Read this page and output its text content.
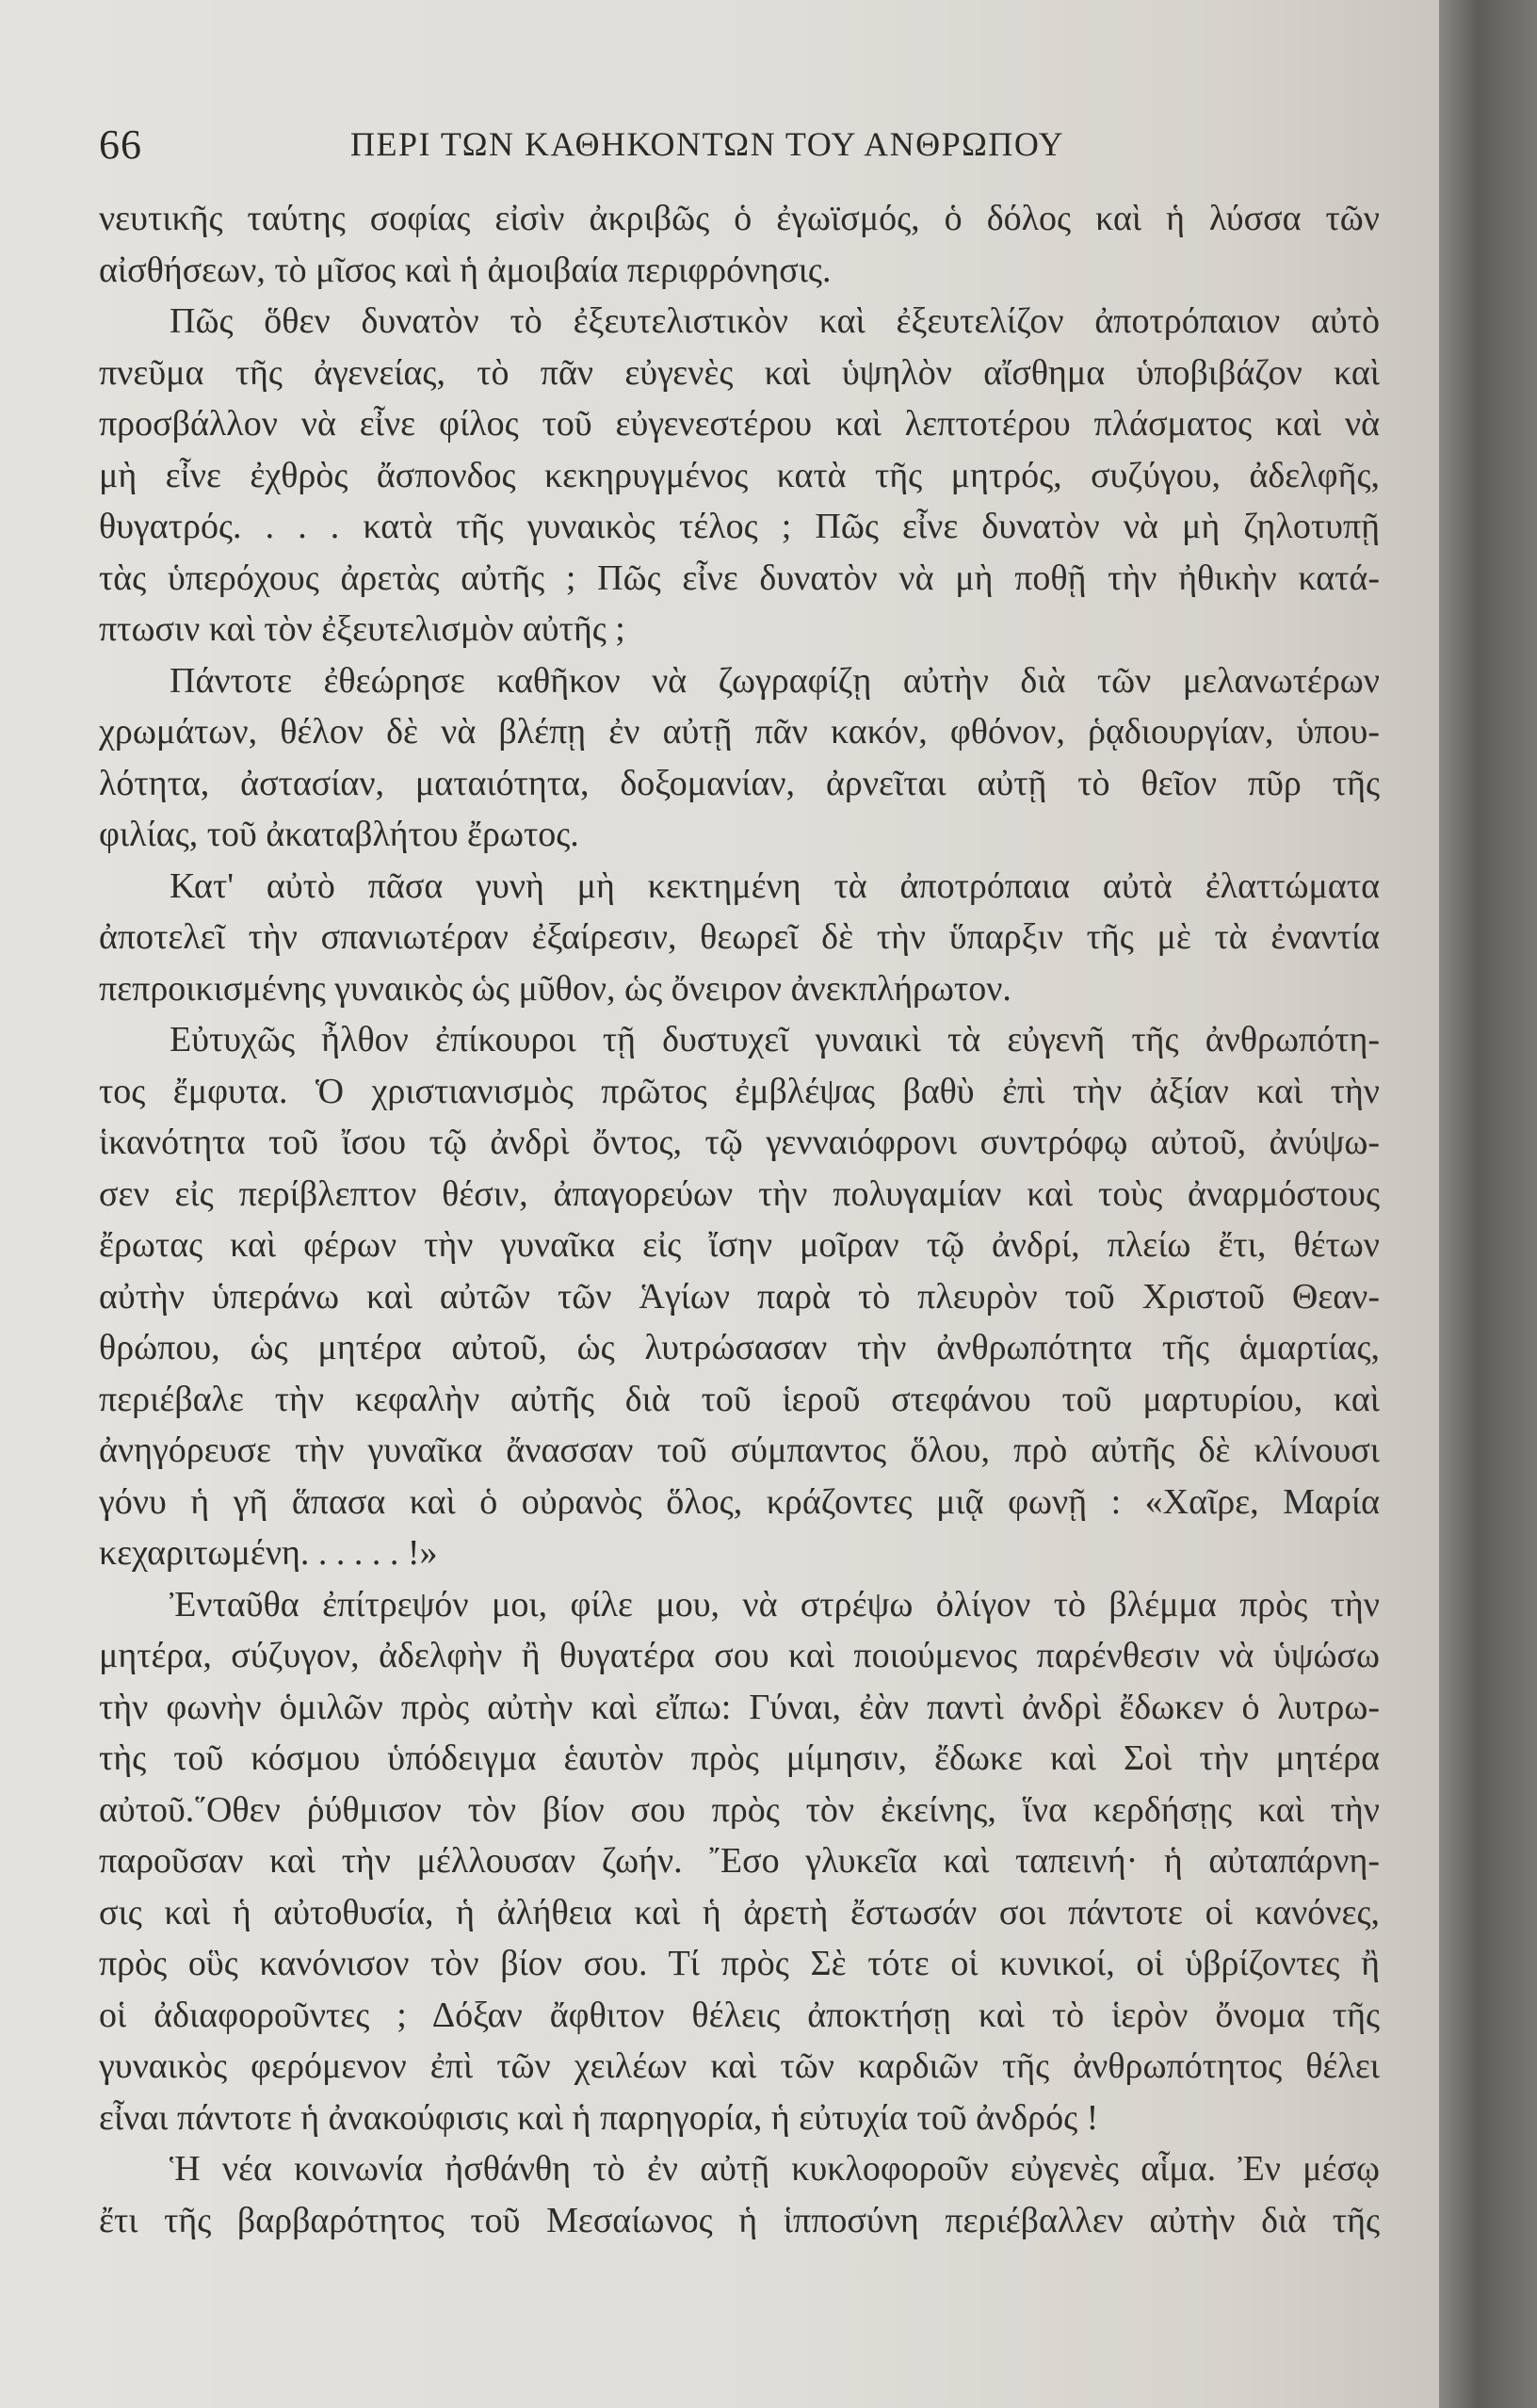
66	ΠΕΡΙ ΤΩΝ ΚΑΘΗΚΟΝΤΩΝ ΤΟΥ ΑΝΘΡΩΠΟΥ
νευτικῆς ταύτης σοφίας εἰσὶν ἀκριβῶς ὁ ἐγωϊσμός, ὁ δόλος καὶ ἡ λύσσα τῶν
αἰσθήσεων, τὸ μῖσος καὶ ἡ ἀμοιβαία περιφρόνησις.
Πῶς ὅθεν δυνατὸν τὸ ἐξευτελιστικὸν καὶ ἐξευτελίζον ἀποτρόπαιον αὐτὸ
πνεῦμα τῆς ἀγενείας, τὸ πᾶν εὐγενὲς καὶ ὑψηλὸν αἴσθημα ὑποβιβάζον καὶ
προσβάλλον νὰ εἶνε φίλος τοῦ εὐγενεστέρου καὶ λεπτοτέρου πλάσματος καὶ νὰ
μὴ εἶνε ἐχθρὸς ἄσπονδος κεκηρυγμένος κατὰ τῆς μητρός, συζύγου, ἀδελφῆς,
θυγατρός. . . . κατὰ τῆς γυναικὸς τέλος ; Πῶς εἶνε δυνατὸν νὰ μὴ ζηλοτυπῇ
τὰς ὑπερόχους ἀρετὰς αὐτῆς ; Πῶς εἶνε δυνατὸν νὰ μὴ ποθῇ τὴν ἠθικὴν κατά-
πτωσιν καὶ τὸν ἐξευτελισμὸν αὐτῆς ;
Πάντοτε ἐθεώρησε καθῆκον νὰ ζωγραφίζῃ αὐτὴν διὰ τῶν μελανωτέρων
χρωμάτων, θέλον δὲ νὰ βλέπῃ ἐν αὐτῇ πᾶν κακόν, φθόνον, ῥᾳδιουργίαν, ὑπου-
λότητα, ἀστασίαν, ματαιότητα, δοξομανίαν, ἀρνεῖται αὐτῇ τὸ θεῖον πῦρ τῆς
φιλίας, τοῦ ἀκαταβλήτου ἔρωτος.
Κατ' αὐτὸ πᾶσα γυνὴ μὴ κεκτημένη τὰ ἀποτρόπαια αὐτὰ ἐλαττώματα
ἀποτελεῖ τὴν σπανιωτέραν ἐξαίρεσιν, θεωρεῖ δὲ τὴν ὕπαρξιν τῆς μὲ τὰ ἐναντία
πεπροικισμένης γυναικὸς ὡς μῦθον, ὡς ὄνειρον ἀνεκπλήρωτον.
Εὐτυχῶς ἦλθον ἐπίκουροι τῇ δυστυχεῖ γυναικὶ τὰ εὐγενῆ τῆς ἀνθρωπότη-
τος ἔμφυτα. Ὁ χριστιανισμὸς πρῶτος ἐμβλέψας βαθὺ ἐπὶ τὴν ἀξίαν καὶ τὴν
ἱκανότητα τοῦ ἴσου τῷ ἀνδρὶ ὄντος, τῷ γενναιόφρονι συντρόφῳ αὐτοῦ, ἀνύψω-
σεν εἰς περίβλεπτον θέσιν, ἀπαγορεύων τὴν πολυγαμίαν καὶ τοὺς ἀναρμόστους
ἔρωτας καὶ φέρων τὴν γυναῖκα εἰς ἴσην μοῖραν τῷ ἀνδρί, πλείω ἔτι, θέτων
αὐτὴν ὑπεράνω καὶ αὐτῶν τῶν Ἁγίων παρὰ τὸ πλευρὸν τοῦ Χριστοῦ Θεαν-
θρώπου, ὡς μητέρα αὐτοῦ, ὡς λυτρώσασαν τὴν ἀνθρωπότητα τῆς ἁμαρτίας,
περιέβαλε τὴν κεφαλὴν αὐτῆς διὰ τοῦ ἱεροῦ στεφάνου τοῦ μαρτυρίου, καὶ
ἀνηγόρευσε τὴν γυναῖκα ἄνασσαν τοῦ σύμπαντος ὅλου, πρὸ αὐτῆς δὲ κλίνουσι
γόνυ ἡ γῆ ἅπασα καὶ ὁ οὐρανὸς ὅλος, κράζοντες μιᾷ φωνῇ : «Χαῖρε, Μαρία
κεχαριτωμένη. . . . . . !»
Ἐνταῦθα ἐπίτρεψόν μοι, φίλε μου, νὰ στρέψω ὀλίγον τὸ βλέμμα πρὸς τὴν
μητέρα, σύζυγον, ἀδελφὴν ἢ θυγατέρα σου καὶ ποιούμενος παρένθεσιν νὰ ὑψώσω
τὴν φωνὴν ὁμιλῶν πρὸς αὐτὴν καὶ εἴπω: Γύναι, ἐὰν παντὶ ἀνδρὶ ἔδωκεν ὁ λυτρω-
τὴς τοῦ κόσμου ὑπόδειγμα ἑαυτὸν πρὸς μίμησιν, ἔδωκε καὶ Σοὶ τὴν μητέρα
αὐτοῦ.῞Οθεν ῥύθμισον τὸν βίον σου πρὸς τὸν ἐκείνης, ἵνα κερδήσῃς καὶ τὴν
παροῦσαν καὶ τὴν μέλλουσαν ζωήν. ῎Εσο γλυκεῖα καὶ ταπεινή· ἡ αὐταπάρνη-
σις καὶ ἡ αὐτοθυσία, ἡ ἀλήθεια καὶ ἡ ἀρετὴ ἔστωσάν σοι πάντοτε οἱ κανόνες,
πρὸς οὓς κανόνισον τὸν βίον σου. Τί πρὸς Σὲ τότε οἱ κυνικοί, οἱ ὑβρίζοντες ἢ
οἱ ἀδιαφοροῦντες ; Δόξαν ἄφθιτον θέλεις ἀποκτήσῃ καὶ τὸ ἱερὸν ὄνομα τῆς
γυναικὸς φερόμενον ἐπὶ τῶν χειλέων καὶ τῶν καρδιῶν τῆς ἀνθρωπότητος θέλει
εἶναι πάντοτε ἡ ἀνακούφισις καὶ ἡ παρηγορία, ἡ εὐτυχία τοῦ ἀνδρός !
Ἡ νέα κοινωνία ἠσθάνθη τὸ ἐν αὐτῇ κυκλοφοροῦν εὐγενὲς αἷμα. Ἐν μέσῳ
ἔτι τῆς βαρβαρότητος τοῦ Μεσαίωνος ἡ ἱπποσύνη περιέβαλλεν αὐτὴν διὰ τῆς
